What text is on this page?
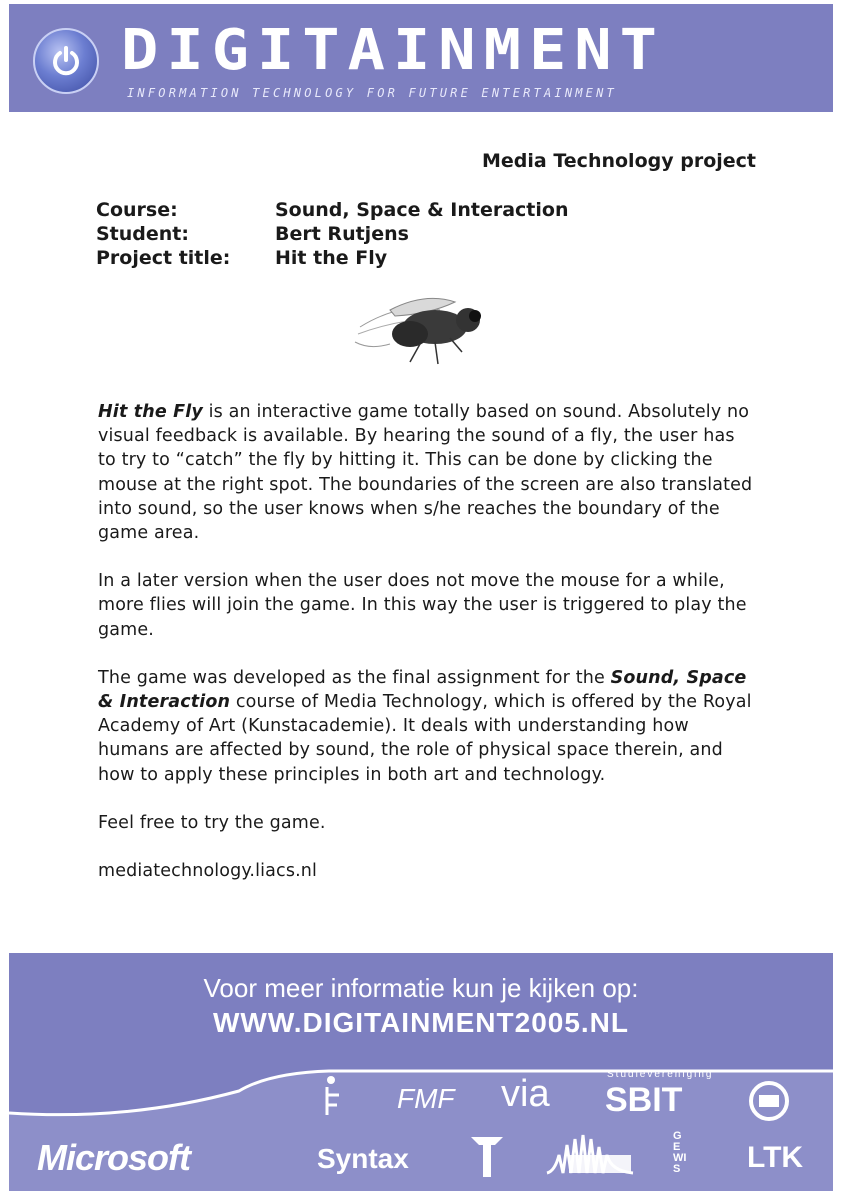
DIGITAINMENT
INFORMATION TECHNOLOGY FOR FUTURE ENTERTAINMENT
Media Technology project
Course:	Sound, Space & Interaction
Student:	Bert Rutjens
Project title:	Hit the Fly

Hit the Fly is an interactive game totally based on sound. Absolutely no visual feedback is available. By hearing the sound of a fly, the user has to try to “catch” the fly by hitting it. This can be done by clicking the mouse at the right spot. The boundaries of the screen are also translated into sound, so the user knows when s/he reaches the boundary of the game area.

In a later version when the user does not move the mouse for a while, more flies will join the game. In this way the user is triggered to play the game.

The game was developed as the final assignment for the Sound, Space & Interaction course of Media Technology, which is offered by the Royal Academy of Art (Kunstacademie). It deals with understanding how humans are affected by sound, the role of physical space therein, and how to apply these principles in both art and technology.

Feel free to try the game.

mediatechnology.liacs.nl

Voor meer informatie kun je kijken op:
WWW.DIGITAINMENT2005.NL
Microsoft
FMF via	Studievereniging
SBIT
Syntax
GEWIS LTK
